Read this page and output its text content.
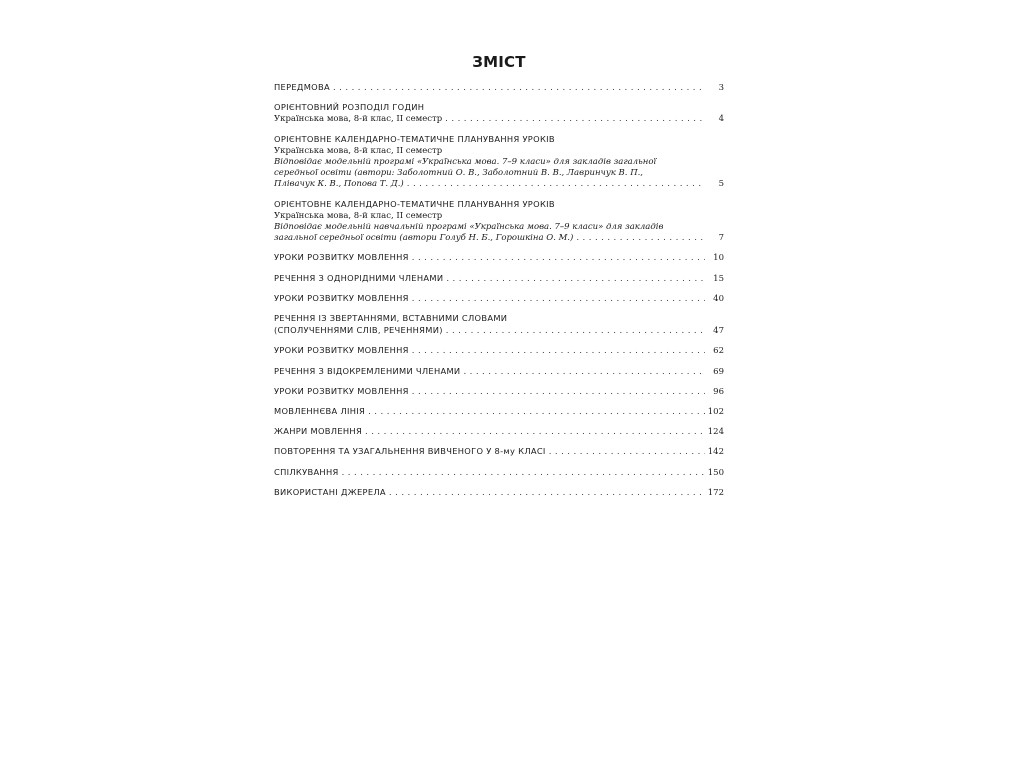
ЗМІСТ
ПЕРЕДМОВА . . .	3
ОРІЄНТОВНИЙ РОЗПОДІЛ ГОДИН
Українська мова, 8-й клас, II семестр . . .	4
ОРІЄНТОВНЕ КАЛЕНДАРНО-ТЕМАТИЧНЕ ПЛАНУВАННЯ УРОКІВ
Українська мова, 8-й клас, II семестр
Відповідає модельній програмі «Українська мова. 7–9 класи» для закладів загальної
середньої освіти (автори: Заболотний О. В., Заболотний В. В., Лавринчук В. П.,
Плівачук К. В., Попова Т. Д.) . . .	5
ОРІЄНТОВНЕ КАЛЕНДАРНО-ТЕМАТИЧНЕ ПЛАНУВАННЯ УРОКІВ
Українська мова, 8-й клас, II семестр
Відповідає модельній навчальній програмі «Українська мова. 7–9 класи» для закладів
загальної середньої освіти (автори Голуб Н. Б., Горошкіна О. М.) . . .	7
УРОКИ РОЗВИТКУ МОВЛЕННЯ . . .	10
РЕЧЕННЯ З ОДНОРІДНИМИ ЧЛЕНАМИ . . .	15
УРОКИ РОЗВИТКУ МОВЛЕННЯ . . .	40
РЕЧЕННЯ ІЗ ЗВЕРТАННЯМИ, ВСТАВНИМИ СЛОВАМИ
(СПОЛУЧЕННЯМИ СЛІВ, РЕЧЕННЯМИ) . . .	47
УРОКИ РОЗВИТКУ МОВЛЕННЯ . . .	62
РЕЧЕННЯ З ВІДОКРЕМЛЕНИМИ ЧЛЕНАМИ . . .	69
УРОКИ РОЗВИТКУ МОВЛЕННЯ . . .	96
МОВЛЕННЄВА ЛІНІЯ . . .	102
ЖАНРИ МОВЛЕННЯ . . .	124
ПОВТОРЕННЯ ТА УЗАГАЛЬНЕННЯ ВИВЧЕНОГО У 8-му КЛАСІ . . .	142
СПІЛКУВАННЯ . . .	150
ВИКОРИСТАНІ ДЖЕРЕЛА . . .	172
